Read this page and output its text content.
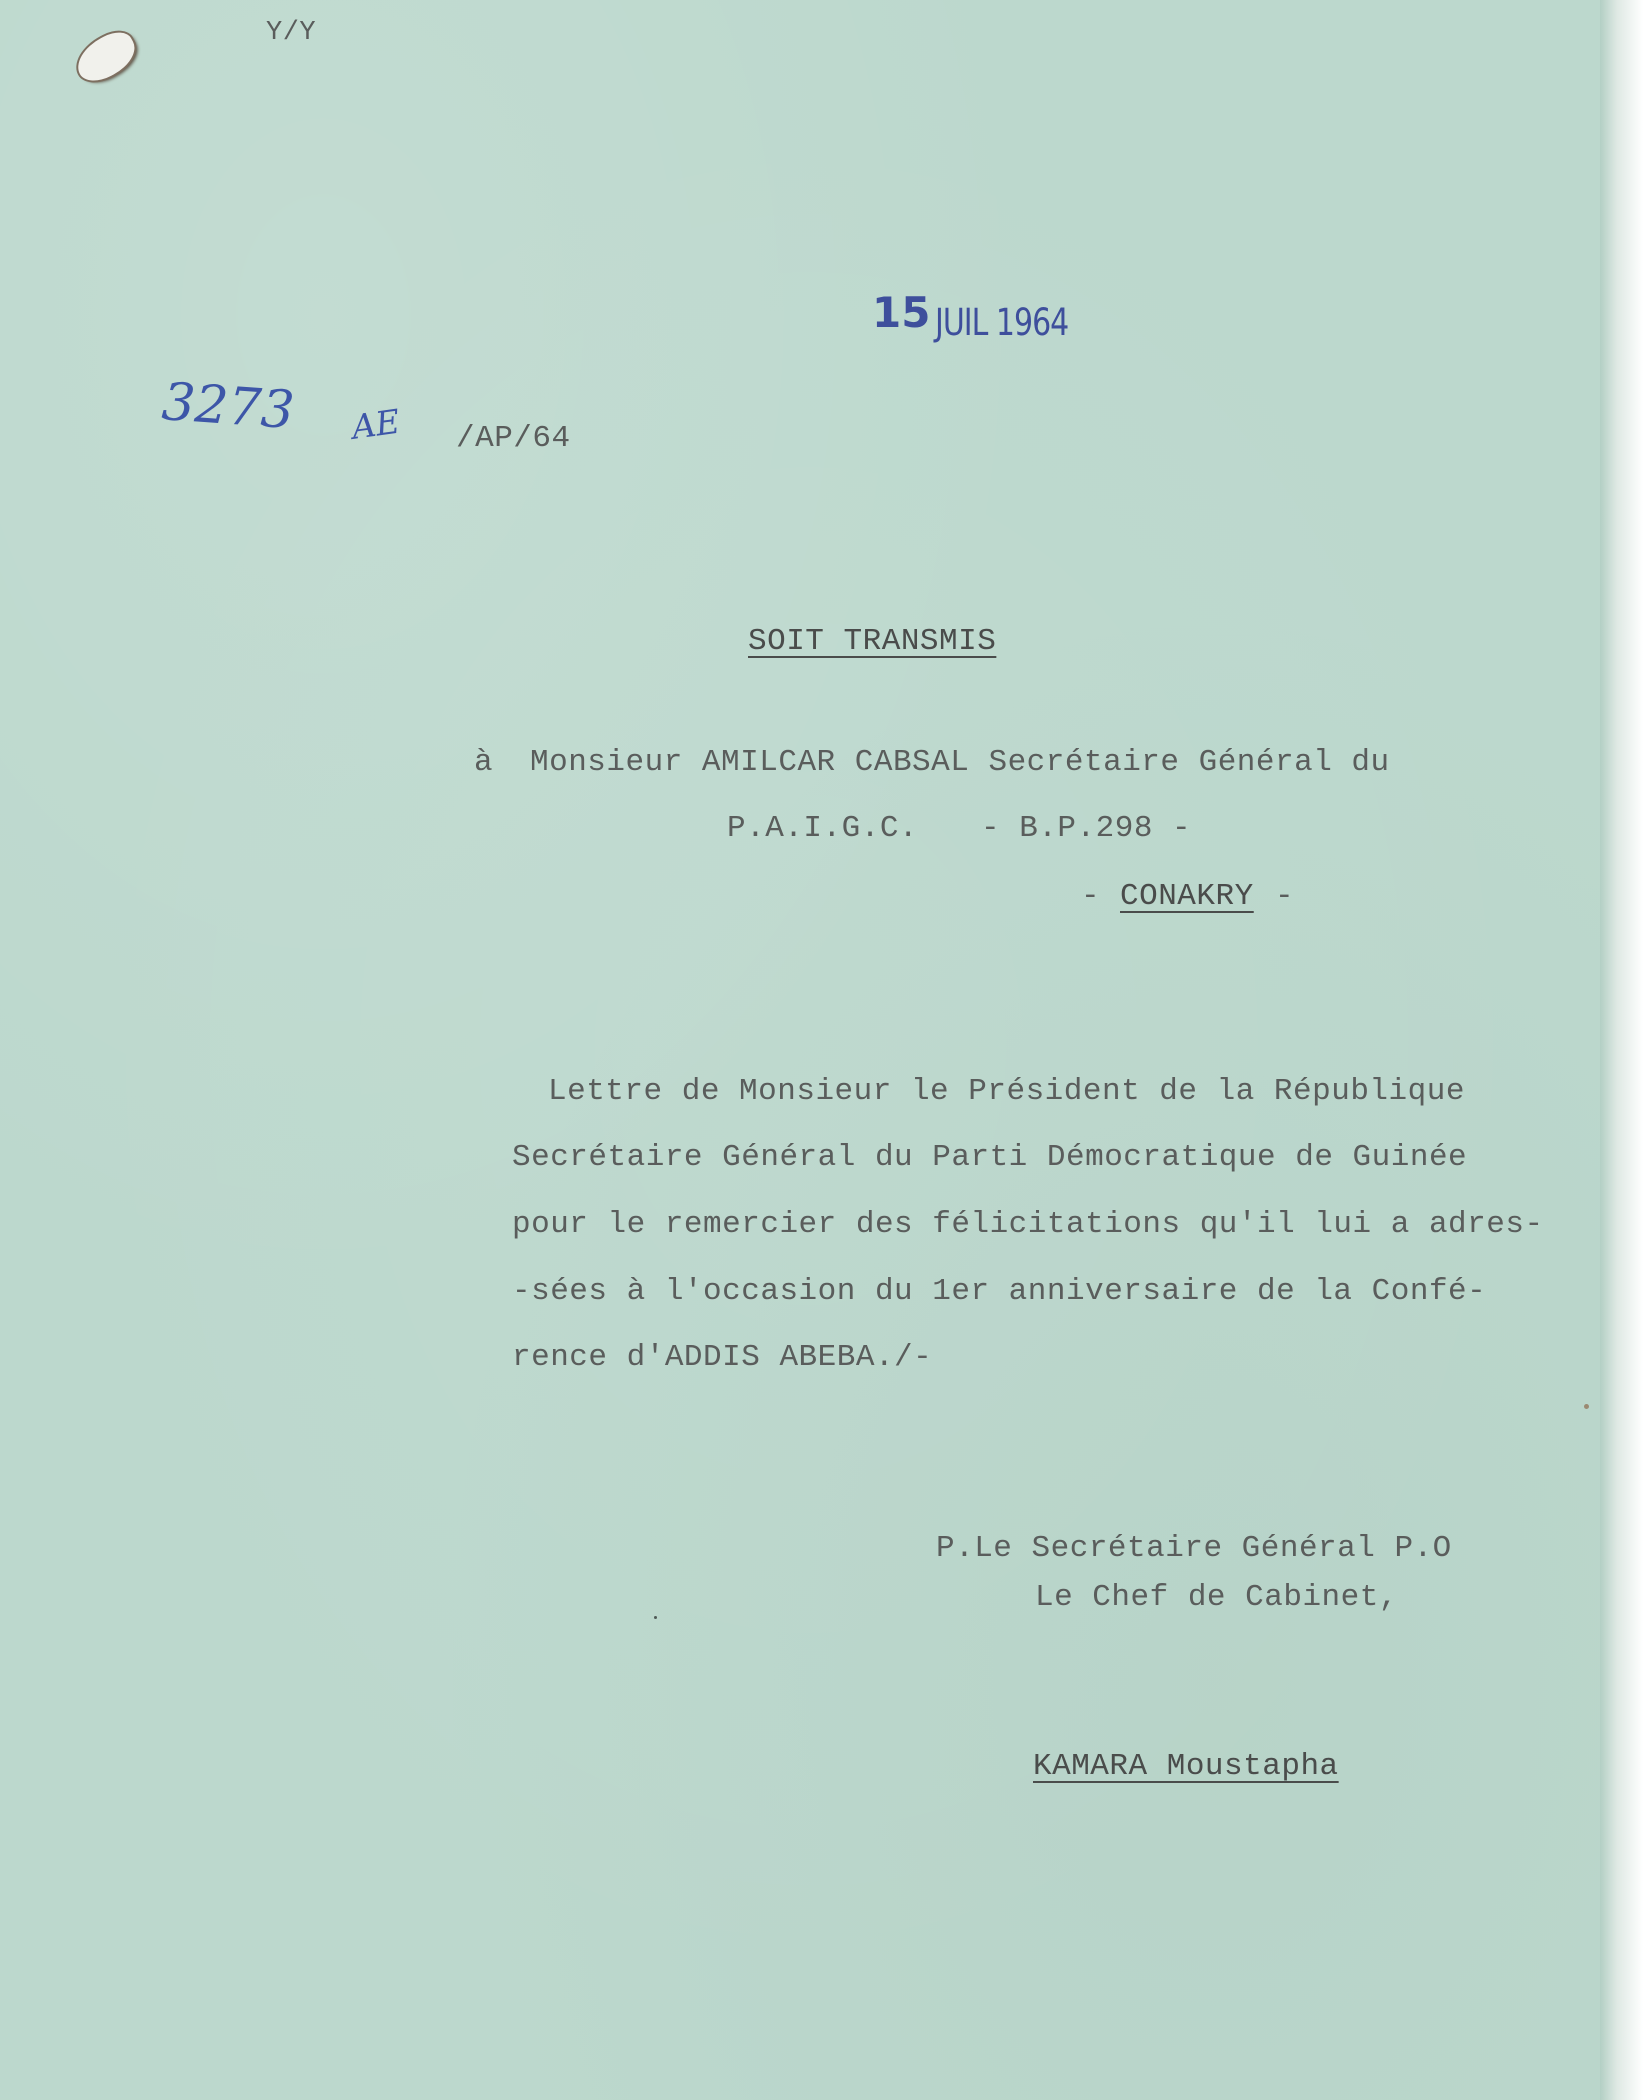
Y/Y
15 JUIL 1964
3273 AE /AP/64
SOIT TRANSMIS
à Monsieur AMILCAR CABSAL Secrétaire Général du
P.A.I.G.C. - B.P.298 -
- CONAKRY -
Lettre de Monsieur le Président de la République
Secrétaire Général du Parti Démocratique de Guinée
pour le remercier des félicitations qu'il lui a adres-
-sées à l'occasion du 1er anniversaire de la Confé-
rence d'ADDIS ABEBA./-
P.Le Secrétaire Général P.O
Le Chef de Cabinet,
KAMARA Moustapha
